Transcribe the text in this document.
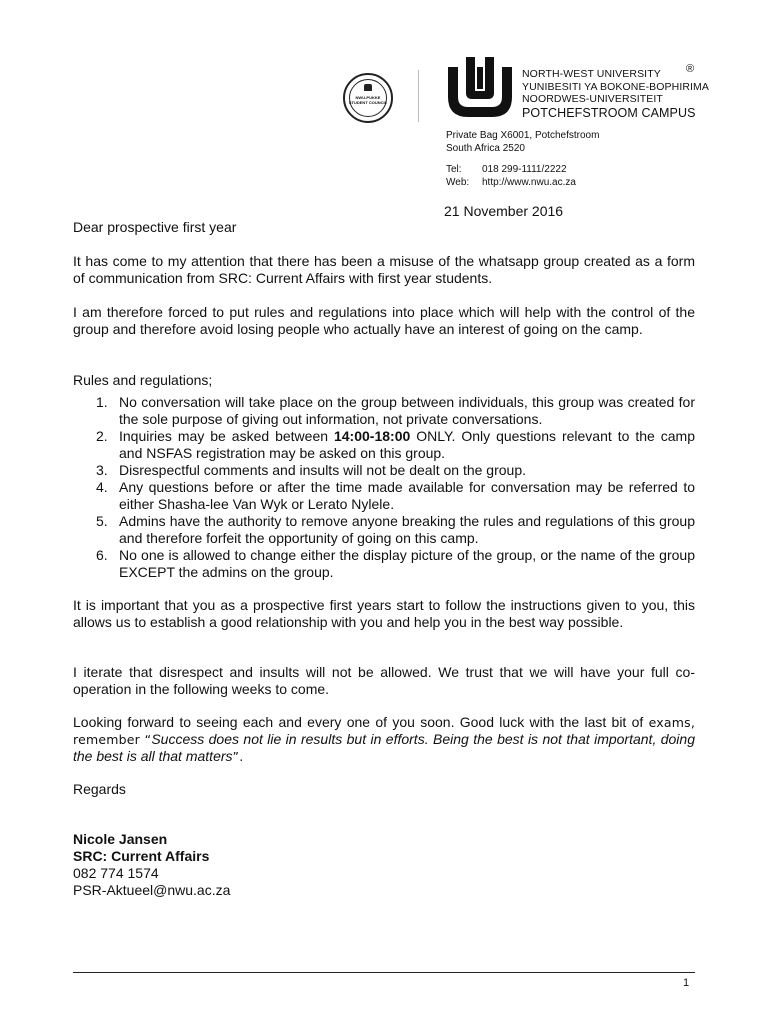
NWU-PUKKE
STUDENT COUNCIL
®
NORTH-WEST UNIVERSITY
YUNIBESITI YA BOKONE-BOPHIRIMA
NOORDWES-UNIVERSITEIT
POTCHEFSTROOM CAMPUS
Private Bag X6001, Potchefstroom
South Africa 2520
Tel: 018 299-1111/2222
Web: http://www.nwu.ac.za
21 November 2016

Dear prospective first year

It has come to my attention that there has been a misuse of the whatsapp group created as a form of communication from SRC: Current Affairs with first year students.

I am therefore forced to put rules and regulations into place which will help with the control of the group and therefore avoid losing people who actually have an interest of going on the camp.

Rules and regulations;

1. No conversation will take place on the group between individuals, this group was created for the sole purpose of giving out information, not private conversations.
2. Inquiries may be asked between 14:00-18:00 ONLY. Only questions relevant to the camp and NSFAS registration may be asked on this group.
3. Disrespectful comments and insults will not be dealt on the group.
4. Any questions before or after the time made available for conversation may be referred to either Shasha-lee Van Wyk or Lerato Nylele.
5. Admins have the authority to remove anyone breaking the rules and regulations of this group and therefore forfeit the opportunity of going on this camp.
6. No one is allowed to change either the display picture of the group, or the name of the group EXCEPT the admins on the group.

It is important that you as a prospective first years start to follow the instructions given to you, this allows us to establish a good relationship with you and help you in the best way possible.

I iterate that disrespect and insults will not be allowed. We trust that we will have your full co-operation in the following weeks to come.

Looking forward to seeing each and every one of you soon. Good luck with the last bit of exams, remember “Success does not lie in results but in efforts. Being the best is not that important, doing the best is all that matters”.

Regards

Nicole Jansen
SRC: Current Affairs
082 774 1574
PSR-Aktueel@nwu.ac.za
1
